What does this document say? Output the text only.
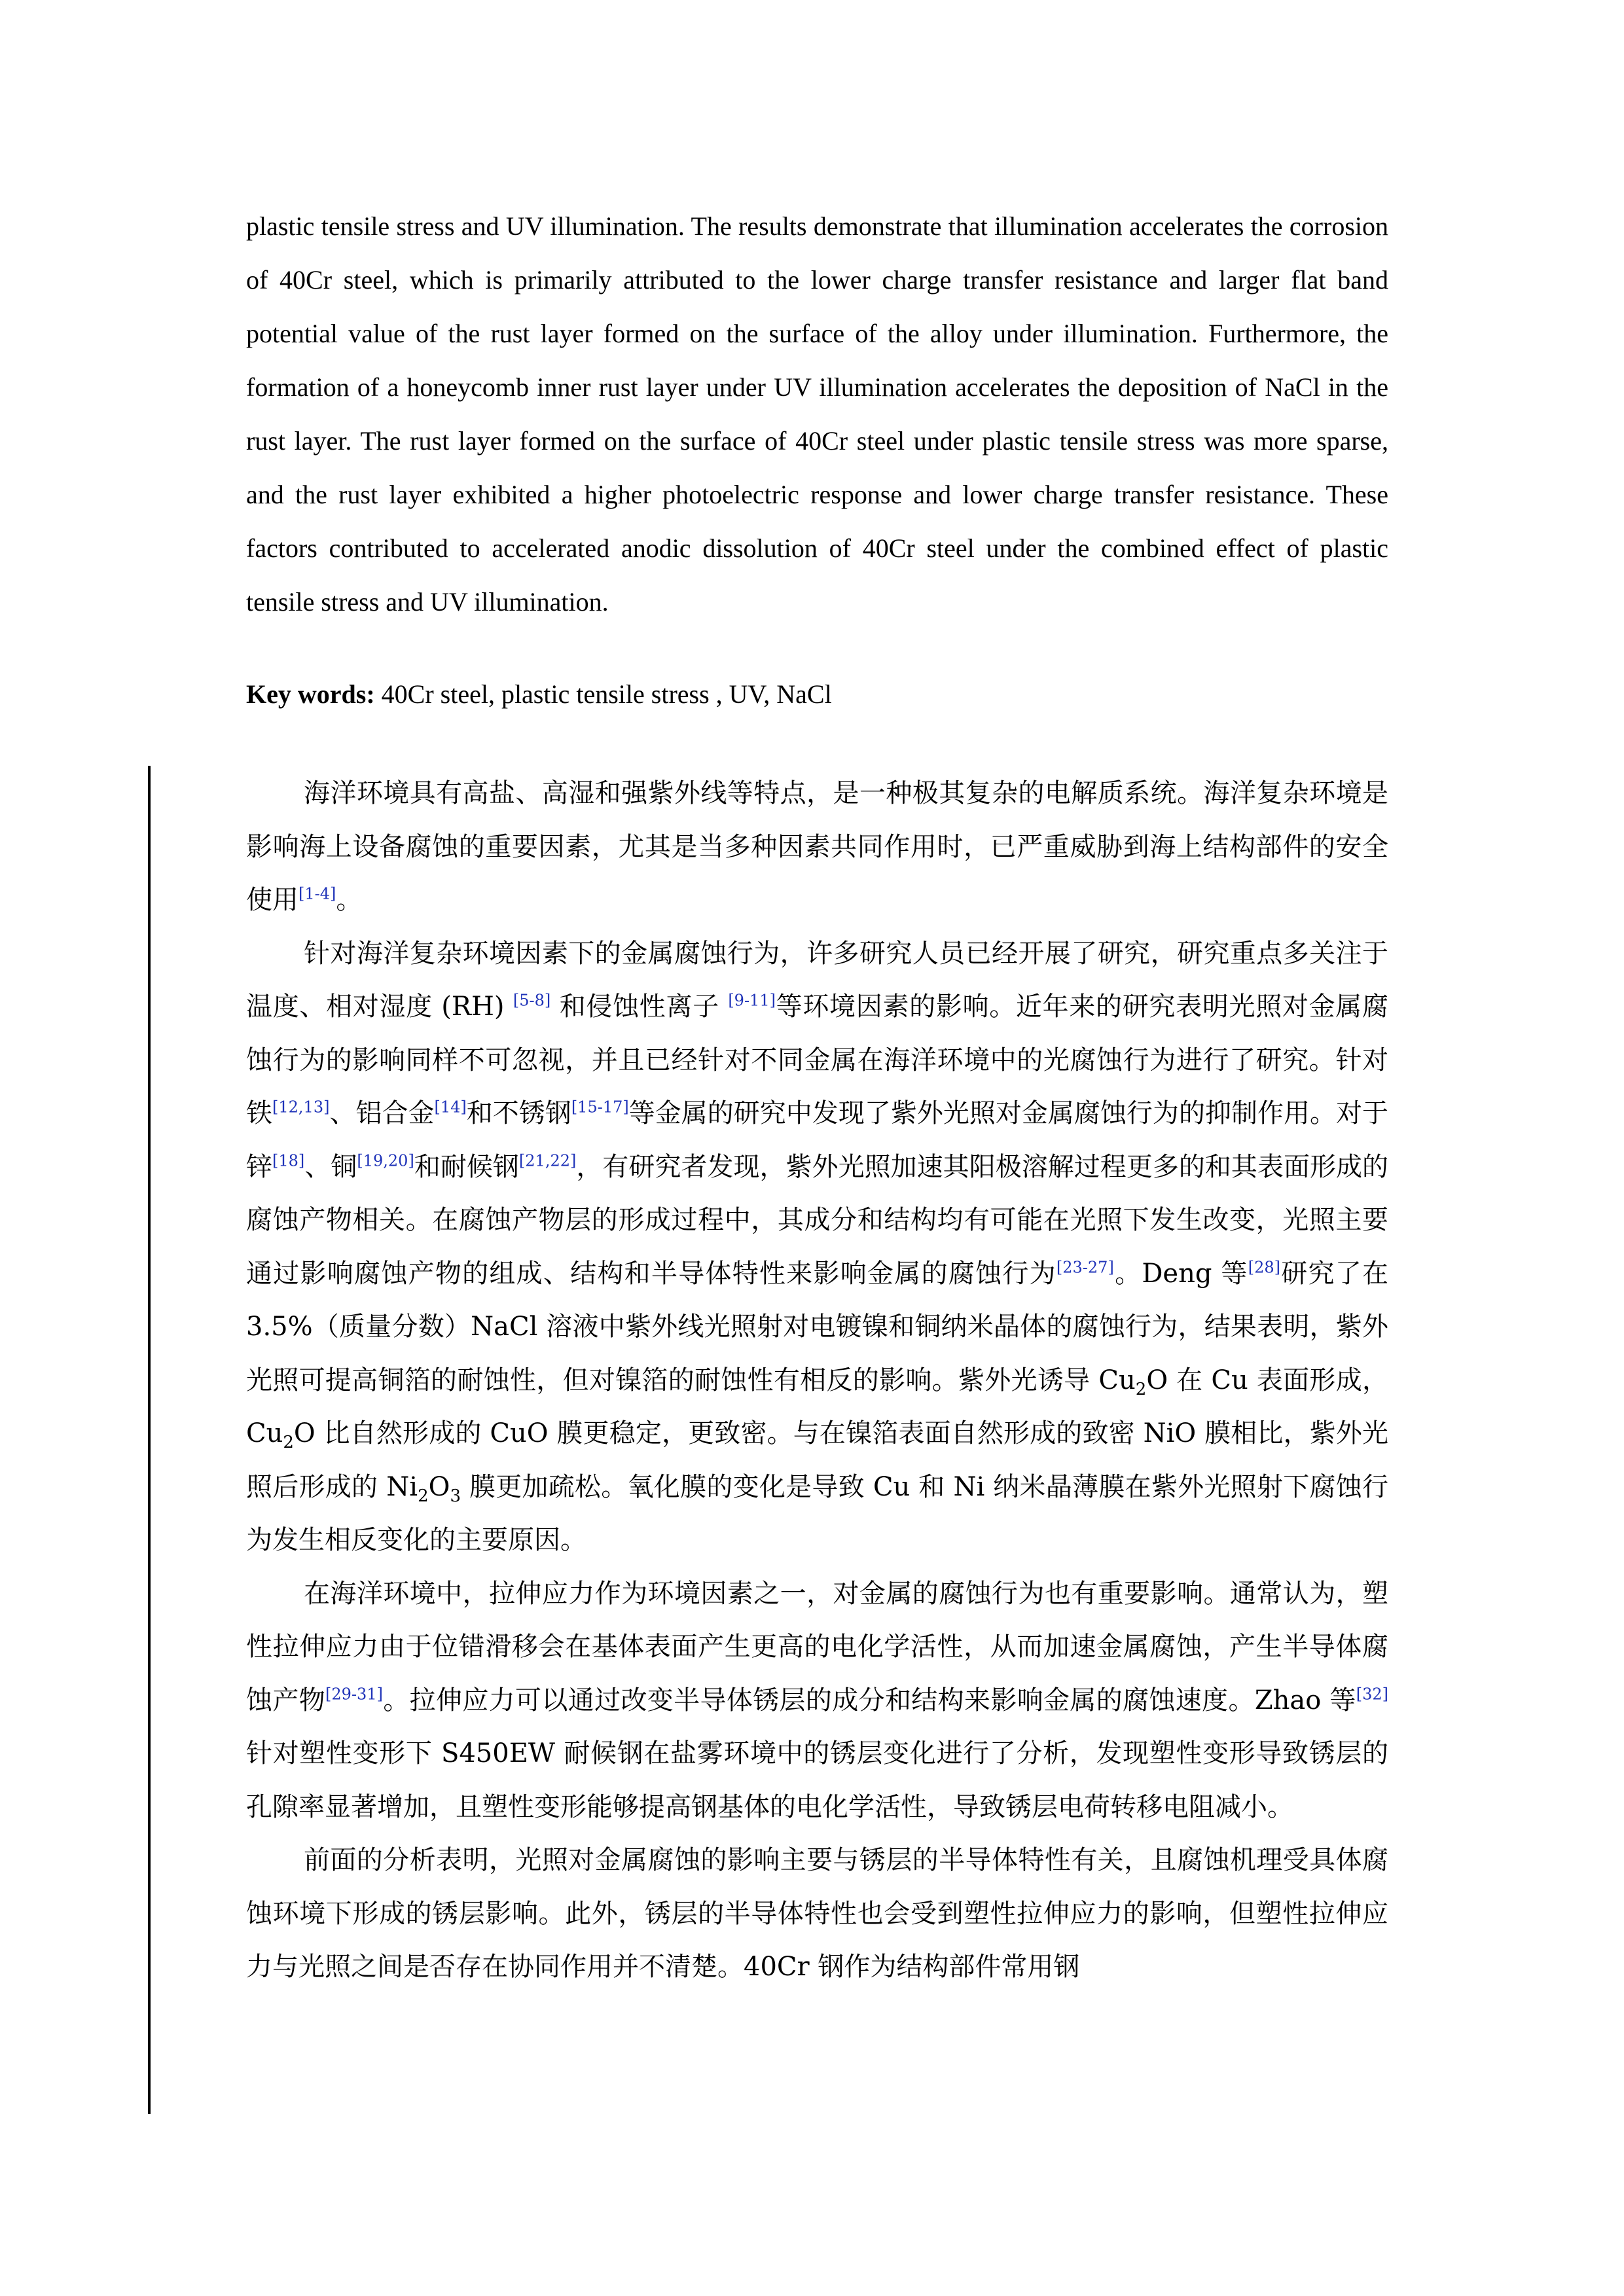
plastic tensile stress and UV illumination. The results demonstrate that illumination accelerates the corrosion of 40Cr steel, which is primarily attributed to the lower charge transfer resistance and larger flat band potential value of the rust layer formed on the surface of the alloy under illumination. Furthermore, the formation of a honeycomb inner rust layer under UV illumination accelerates the deposition of NaCl in the rust layer. The rust layer formed on the surface of 40Cr steel under plastic tensile stress was more sparse, and the rust layer exhibited a higher photoelectric response and lower charge transfer resistance. These factors contributed to accelerated anodic dissolution of 40Cr steel under the combined effect of plastic tensile stress and UV illumination.

Key words: 40Cr steel, plastic tensile stress , UV, NaCl

海洋环境具有高盐、高湿和强紫外线等特点，是一种极其复杂的电解质系统。海洋复杂环境是影响海上设备腐蚀的重要因素，尤其是当多种因素共同作用时，已严重威胁到海上结构部件的安全使用[1-4]。

针对海洋复杂环境因素下的金属腐蚀行为，许多研究人员已经开展了研究，研究重点多关注于温度、相对湿度 (RH) [5-8] 和侵蚀性离子 [9-11]等环境因素的影响。近年来的研究表明光照对金属腐蚀行为的影响同样不可忽视，并且已经针对不同金属在海洋环境中的光腐蚀行为进行了研究。针对铁[12,13]、铝合金[14]和不锈钢[15-17]等金属的研究中发现了紫外光照对金属腐蚀行为的抑制作用。对于锌[18]、铜[19,20]和耐候钢[21,22]，有研究者发现，紫外光照加速其阳极溶解过程更多的和其表面形成的腐蚀产物相关。在腐蚀产物层的形成过程中，其成分和结构均有可能在光照下发生改变，光照主要通过影响腐蚀产物的组成、结构和半导体特性来影响金属的腐蚀行为[23-27]。Deng 等[28]研究了在 3.5%（质量分数）NaCl 溶液中紫外线光照射对电镀镍和铜纳米晶体的腐蚀行为，结果表明，紫外光照可提高铜箔的耐蚀性，但对镍箔的耐蚀性有相反的影响。紫外光诱导 $Cu_2O$ 在 Cu 表面形成，$Cu_2O$ 比自然形成的 CuO 膜更稳定，更致密。与在镍箔表面自然形成的致密 NiO 膜相比，紫外光照后形成的 $Ni_2O_3$ 膜更加疏松。氧化膜的变化是导致 Cu 和 Ni 纳米晶薄膜在紫外光照射下腐蚀行为发生相反变化的主要原因。

在海洋环境中，拉伸应力作为环境因素之一，对金属的腐蚀行为也有重要影响。通常认为，塑性拉伸应力由于位错滑移会在基体表面产生更高的电化学活性，从而加速金属腐蚀，产生半导体腐蚀产物[29-31]。拉伸应力可以通过改变半导体锈层的成分和结构来影响金属的腐蚀速度。Zhao 等[32]针对塑性变形下 S450EW 耐候钢在盐雾环境中的锈层变化进行了分析，发现塑性变形导致锈层的孔隙率显著增加，且塑性变形能够提高钢基体的电化学活性，导致锈层电荷转移电阻减小。

前面的分析表明，光照对金属腐蚀的影响主要与锈层的半导体特性有关，且腐蚀机理受具体腐蚀环境下形成的锈层影响。此外，锈层的半导体特性也会受到塑性拉伸应力的影响，但塑性拉伸应力与光照之间是否存在协同作用并不清楚。40Cr 钢作为结构部件常用钢
